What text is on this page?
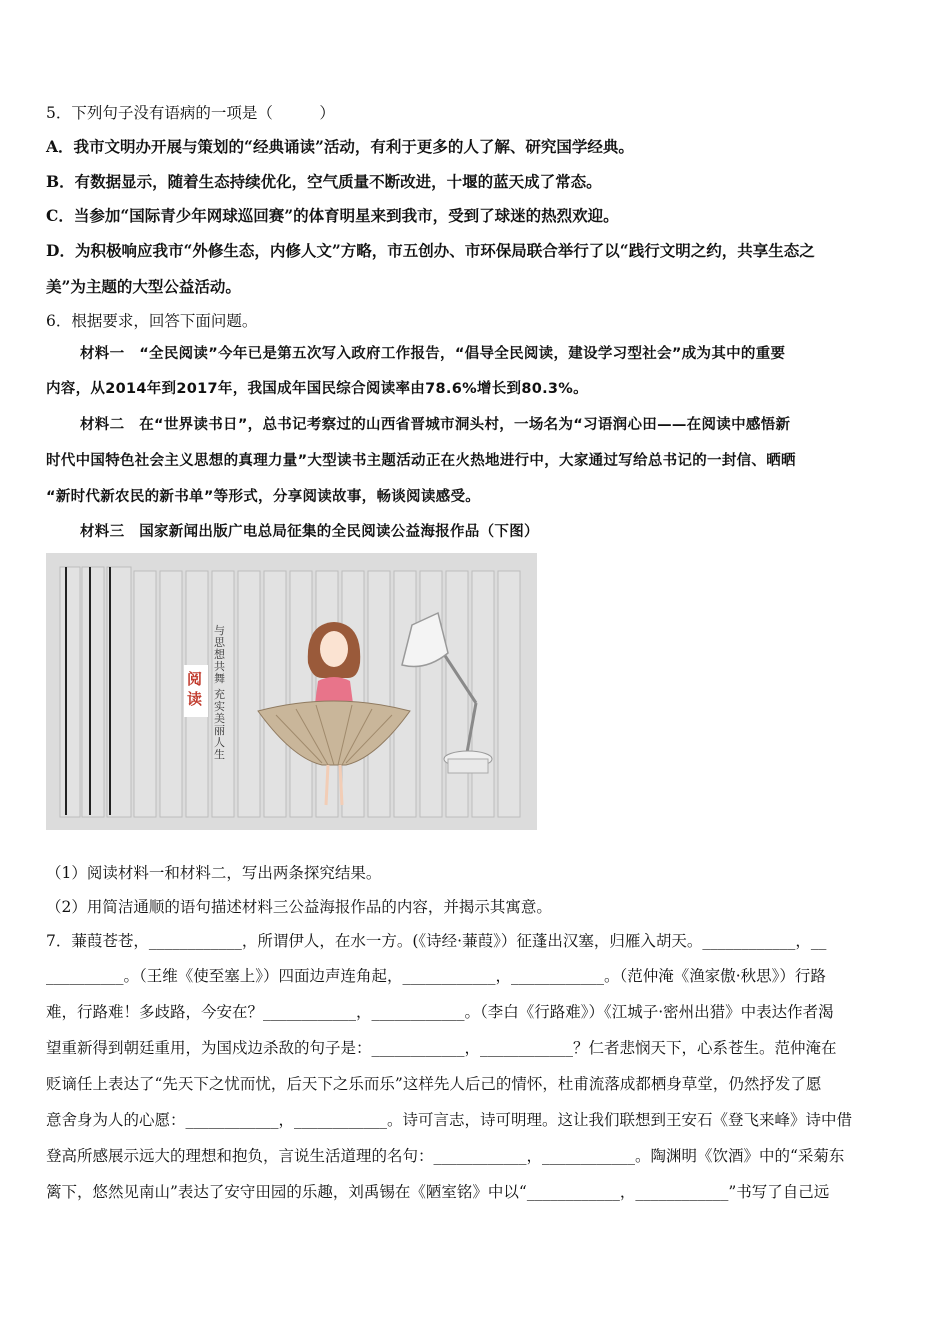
5．下列句子没有语病的一项是（　　　）
A．我市文明办开展与策划的“经典诵读”活动，有利于更多的人了解、研究国学经典。
B．有数据显示，随着生态持续优化，空气质量不断改进，十堰的蓝天成了常态。
C．当参加“国际青少年网球巡回赛”的体育明星来到我市，受到了球迷的热烈欢迎。
D．为积极响应我市“外修生态，内修人文”方略，市五创办、市环保局联合举行了以“践行文明之约，共享生态之
美”为主题的大型公益活动。
6．根据要求，回答下面问题。
材料一　“全民阅读”今年已是第五次写入政府工作报告，“倡导全民阅读，建设学习型社会”成为其中的重要
内容，从2014年到2017年，我国成年国民综合阅读率由78.6%增长到80.3%。
材料二　在“世界读书日”，总书记考察过的山西省晋城市洞头村，一场名为“习语润心田——在阅读中感悟新
时代中国特色社会主义思想的真理力量”大型读书主题活动正在火热地进行中，大家通过写给总书记的一封信、晒晒
“新时代新农民的新书单”等形式，分享阅读故事，畅谈阅读感受。
材料三　国家新闻出版广电总局征集的全民阅读公益海报作品（下图）
阅读
与思想共舞
充实美丽人生
（1）阅读材料一和材料二，写出两条探究结果。
（2）用简洁通顺的语句描述材料三公益海报作品的内容，并揭示其寓意。
7．蒹葭苍苍，____________，所谓伊人，在水一方。(《诗经·蒹葭》）征蓬出汉塞，归雁入胡天。____________，__
__________。（王维《使至塞上》）四面边声连角起，____________，____________。（范仲淹《渔家傲·秋思》）行路
难，行路难！多歧路，今安在？____________，____________。（李白《行路难》）《江城子·密州出猎》中表达作者渴
望重新得到朝廷重用，为国戍边杀敌的句子是：____________，____________？仁者悲悯天下，心系苍生。范仲淹在
贬谪任上表达了“先天下之忧而忧，后天下之乐而乐”这样先人后己的情怀，杜甫流落成都栖身草堂，仍然抒发了愿
意舍身为人的心愿：____________，____________。诗可言志，诗可明理。这让我们联想到王安石《登飞来峰》诗中借
登高所感展示远大的理想和抱负，言说生活道理的名句：____________，____________。陶渊明《饮酒》中的“采菊东
篱下，悠然见南山”表达了安守田园的乐趣，刘禹锡在《陋室铭》中以“____________，____________”书写了自己远
